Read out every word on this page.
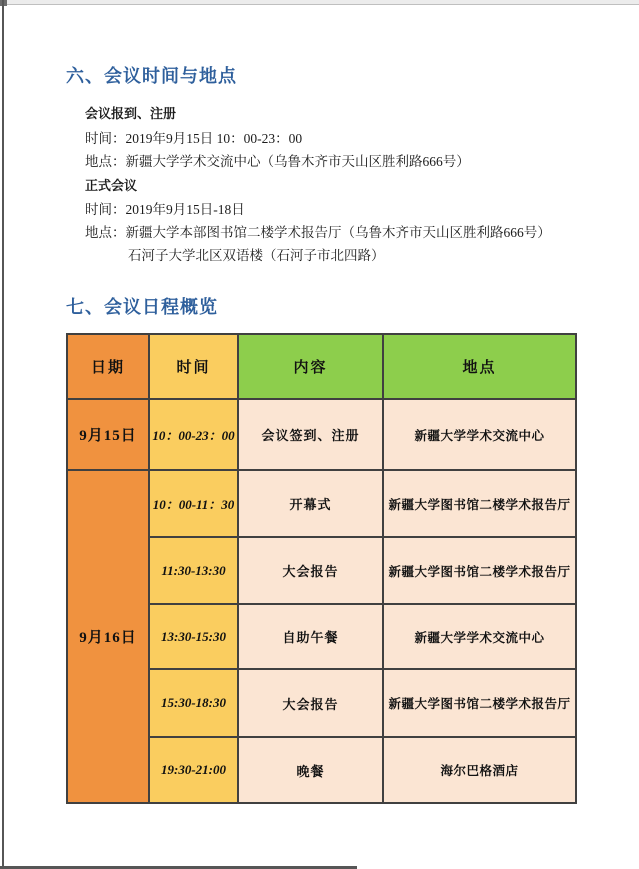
六、会议时间与地点
会议报到、注册
时间：2019年9月15日 10：00-23：00
地点：新疆大学学术交流中心（乌鲁木齐市天山区胜利路666号）
正式会议
时间：2019年9月15日-18日
地点：新疆大学本部图书馆二楼学术报告厅（乌鲁木齐市天山区胜利路666号）
石河子大学北区双语楼（石河子市北四路）
七、会议日程概览
日期	时间	内容	地点
9月15日	10：00-23：00	会议签到、注册	新疆大学学术交流中心
9月16日	10：00-11：30	开幕式	新疆大学图书馆二楼学术报告厅
	11:30-13:30	大会报告	新疆大学图书馆二楼学术报告厅
	13:30-15:30	自助午餐	新疆大学学术交流中心
	15:30-18:30	大会报告	新疆大学图书馆二楼学术报告厅
	19:30-21:00	晚餐	海尔巴格酒店
